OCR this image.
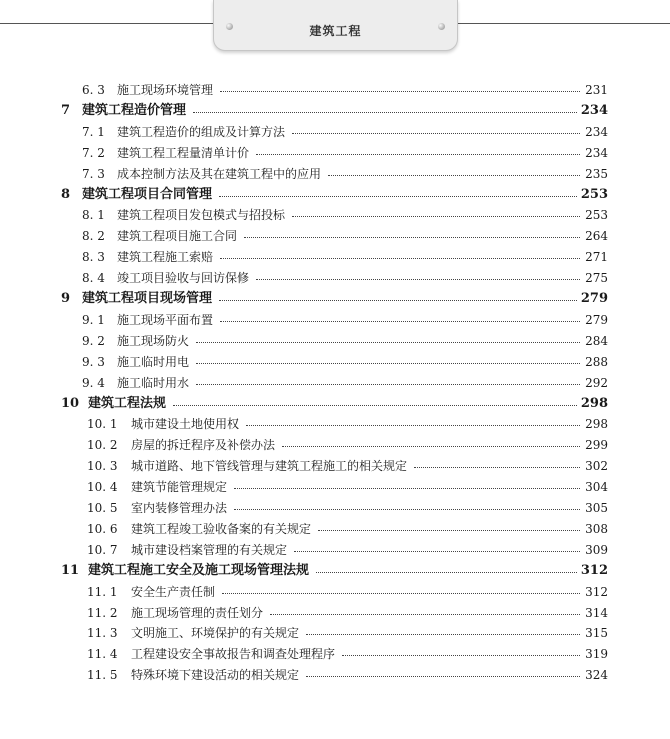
建筑工程
6. 3	施工现场环境管理	231
7 建筑工程造价管理	234
7. 1	建筑工程造价的组成及计算方法	234
7. 2	建筑工程工程量清单计价	234
7. 3	成本控制方法及其在建筑工程中的应用	235
8 建筑工程项目合同管理	253
8. 1	建筑工程项目发包模式与招投标	253
8. 2	建筑工程项目施工合同	264
8. 3	建筑工程施工索赔	271
8. 4	竣工项目验收与回访保修	275
9 建筑工程项目现场管理	279
9. 1	施工现场平面布置	279
9. 2	施工现场防火	284
9. 3	施工临时用电	288
9. 4	施工临时用水	292
10 建筑工程法规	298
10. 1	城市建设土地使用权	298
10. 2	房屋的拆迁程序及补偿办法	299
10. 3	城市道路、地下管线管理与建筑工程施工的相关规定	302
10. 4	建筑节能管理规定	304
10. 5	室内装修管理办法	305
10. 6	建筑工程竣工验收备案的有关规定	308
10. 7	城市建设档案管理的有关规定	309
11 建筑工程施工安全及施工现场管理法规	312
11. 1	安全生产责任制	312
11. 2	施工现场管理的责任划分	314
11. 3	文明施工、环境保护的有关规定	315
11. 4	工程建设安全事故报告和调查处理程序	319
11. 5	特殊环境下建设活动的相关规定	324
